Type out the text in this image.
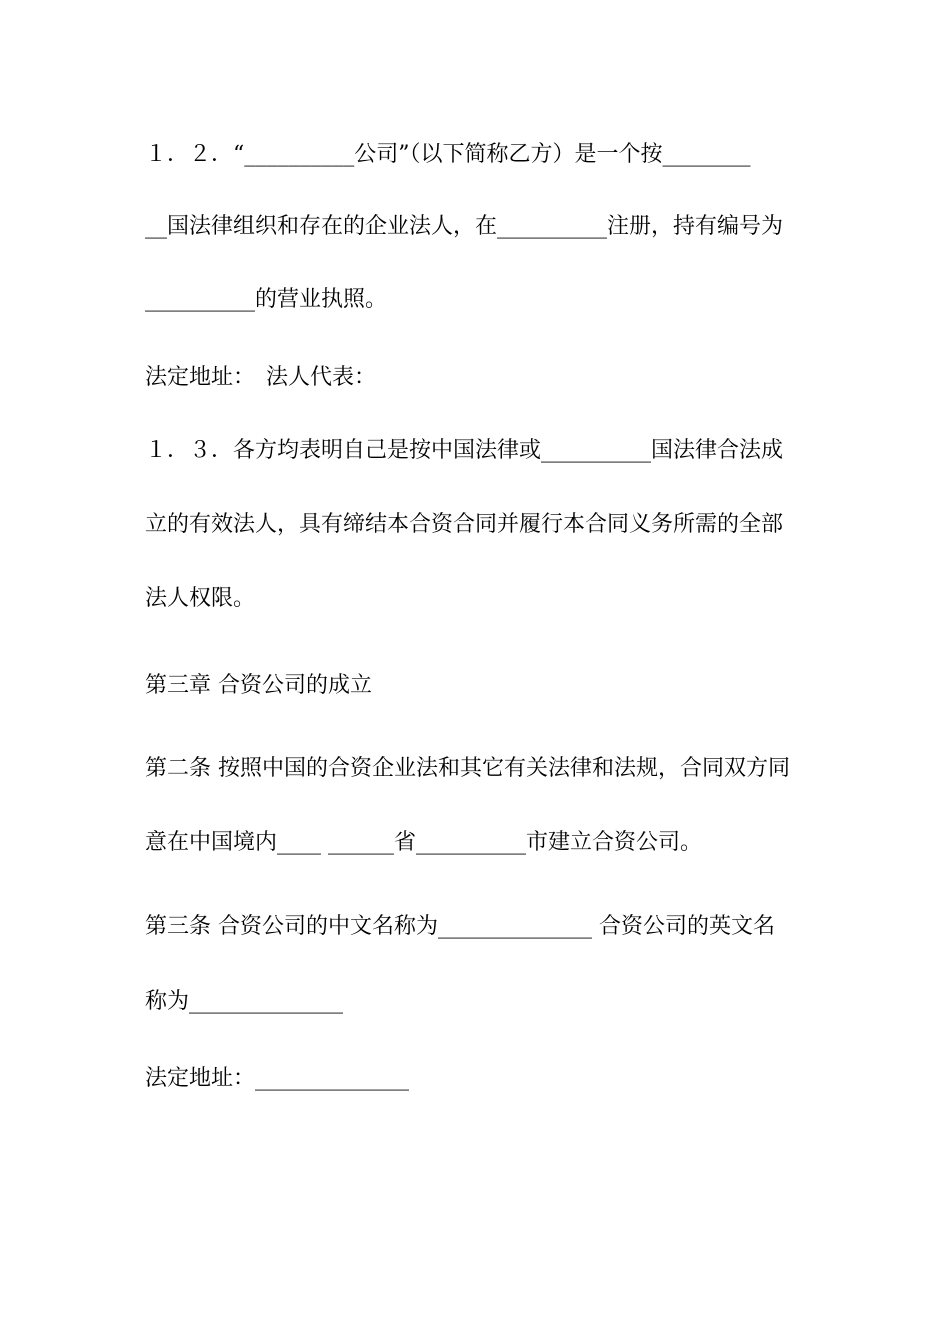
１．２．“__________公司”（以下简称乙方）是一个按________

__国法律组织和存在的企业法人，在__________注册，持有编号为

__________的营业执照。

法定地址：　法人代表：

１．３．各方均表明自己是按中国法律或__________国法律合法成

立的有效法人，具有缔结本合资合同并履行本合同义务所需的全部

法人权限。

第三章 合资公司的成立

第二条 按照中国的合资企业法和其它有关法律和法规，合同双方同

意在中国境内____ ______省__________市建立合资公司。

第三条 合资公司的中文名称为______________ 合资公司的英文名

称为______________

法定地址：______________
